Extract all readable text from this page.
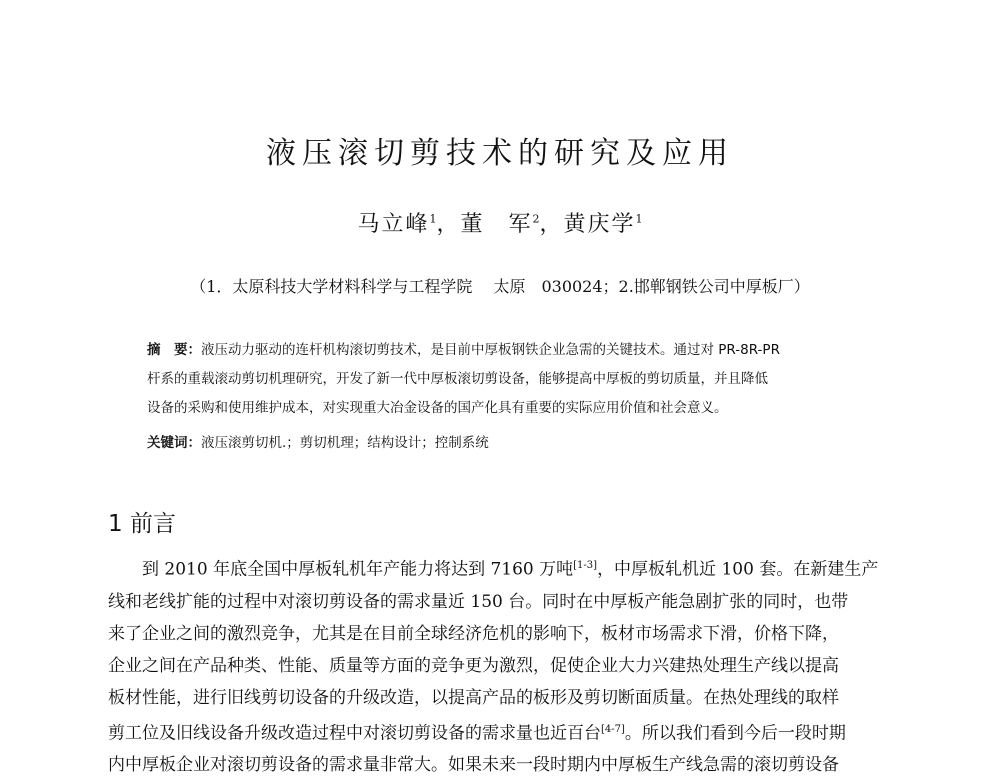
液压滚切剪技术的研究及应用
马立峰$^1$，董　军$^2$，黄庆学$^1$
（1．太原科技大学材料科学与工程学院　 太原　030024；2.邯郸钢铁公司中厚板厂）
摘　要：液压动力驱动的连杆机构滚切剪技术，是目前中厚板钢铁企业急需的关键技术。通过对 PR-8R-PR
杆系的重载滚动剪切机理研究，开发了新一代中厚板滚切剪设备，能够提高中厚板的剪切质量，并且降低
设备的采购和使用维护成本，对实现重大冶金设备的国产化具有重要的实际应用价值和社会意义。
关键词：液压滚剪切机.；剪切机理；结构设计；控制系统
1 前言
到 2010 年底全国中厚板轧机年产能力将达到 7160 万吨[1-3]，中厚板轧机近 100 套。在新建生产
线和老线扩能的过程中对滚切剪设备的需求量近 150 台。同时在中厚板产能急剧扩张的同时，也带
来了企业之间的激烈竞争，尤其是在目前全球经济危机的影响下，板材市场需求下滑，价格下降，
企业之间在产品种类、性能、质量等方面的竞争更为激烈，促使企业大力兴建热处理生产线以提高
板材性能，进行旧线剪切设备的升级改造，以提高产品的板形及剪切断面质量。在热处理线的取样
剪工位及旧线设备升级改造过程中对滚切剪设备的需求量也近百台[4-7]。所以我们看到今后一段时期
内中厚板企业对滚切剪设备的需求量非常大。如果未来一段时期内中厚板生产线急需的滚切剪设备
